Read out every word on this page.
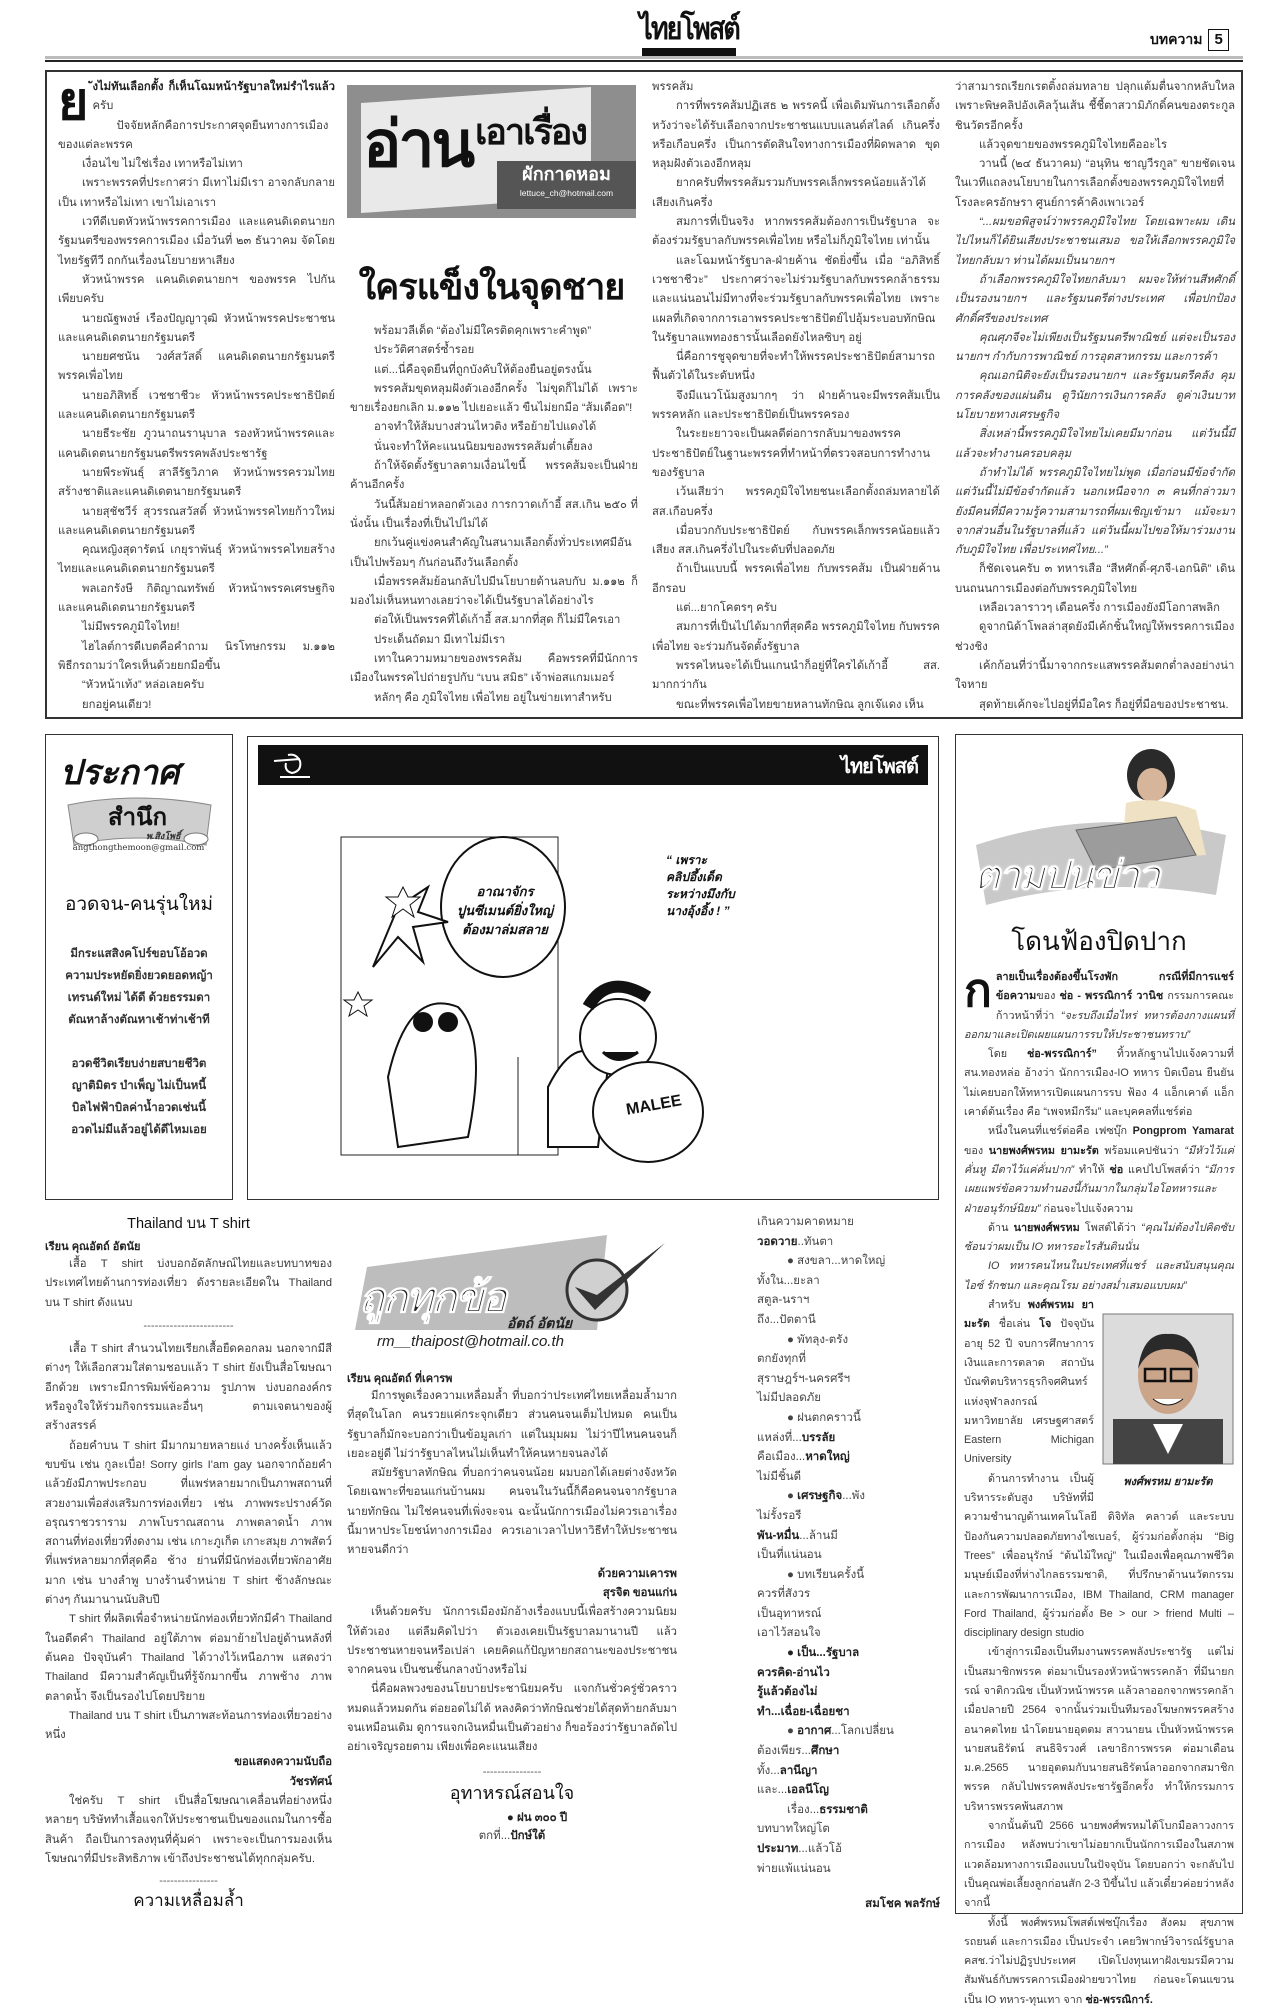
ไทยโพสต์	บทความ 5
ย ังไม่ทันเลือกตั้ง ก็เห็นโฉมหน้ารัฐบาลใหม่รำไรแล้วครับ

ปัจจัยหลักคือการประกาศจุดยืนทางการเมืองของแต่ละพรรค

เงื่อนไข ไม่ใช่เรื่อง เทาหรือไม่เทา

เพราะพรรคที่ประกาศว่า มีเทาไม่มีเรา อาจกลับกลายเป็น เทาหรือไม่เทา เขาไม่เอาเรา

เวทีดีเบตหัวหน้าพรรคการเมือง และแคนดิเดตนายกรัฐมนตรีของพรรคการเมือง เมื่อวันที่ ๒๓ ธันวาคม จัดโดยไทยรัฐทีวี ถกกันเรื่องนโยบายหาเสียง

หัวหน้าพรรค แคนดิเดตนายกฯ ของพรรค ไปกันเพียบครับ

นายณัฐพงษ์ เรืองปัญญาวุฒิ หัวหน้าพรรคประชาชน และแคนดิเดตนายกรัฐมนตรี

นายยศชนัน วงศ์สวัสดิ์ แคนดิเดตนายกรัฐมนตรี พรรคเพื่อไทย

นายอภิสิทธิ์ เวชชาชีวะ หัวหน้าพรรคประชาธิปัตย์ และแคนดิเดตนายกรัฐมนตรี

นายธีระชัย ภูวนาถนรานุบาล รองหัวหน้าพรรคและแคนดิเดตนายกรัฐมนตรีพรรคพลังประชารัฐ

นายพีระพันธุ์ สาลีรัฐวิภาค หัวหน้าพรรครวมไทยสร้างชาติและแคนดิเดตนายกรัฐมนตรี

นายสุชัชวีร์ สุวรรณสวัสดิ์ หัวหน้าพรรคไทยก้าวใหม่ และแคนดิเดตนายกรัฐมนตรี

คุณหญิงสุดารัตน์ เกยุราพันธุ์ หัวหน้าพรรคไทยสร้างไทยและแคนดิเดตนายกรัฐมนตรี

พลเอกรังษี กิติญาณทรัพย์ หัวหน้าพรรคเศรษฐกิจ และแคนดิเดตนายกรัฐมนตรี

ไม่มีพรรคภูมิใจไทย!

ไฮไลต์การดีเบตคือคำถาม นิรโทษกรรม ม.๑๑๒ พิธีกรถามว่าใครเห็นด้วยยกมือขึ้น

“หัวหน้าเท้ง” หล่อเลยครับ

ยกอยู่คนเดียว!

อ่าน เอาเรื่อง
ผักกาดหอม
lettuce_ch@hotmail.com
ใครแข็งในจุดชาย

พร้อมวลีเด็ด “ต้องไม่มีใครติดคุกเพราะคำพูด”

ประวัติศาสตร์ซ้ำรอย

แต่...นี่คือจุดยืนที่ถูกบังคับให้ต้องยืนอยู่ตรงนั้น

พรรคส้มขุดหลุมฝังตัวเองอีกครั้ง ไม่ขุดก็ไม่ได้ เพราะขายเรื่องยกเลิก ม.๑๑๒ ไปเยอะแล้ว ขืนไม่ยกมือ “ส้มเดือด”!

อาจทำให้ส้มบางส่วนไหวติง หรือย้ายไปแดงได้

นั่นจะทำให้คะแนนนิยมของพรรคส้มต่ำเตี้ยลง

ถ้าให้จัดตั้งรัฐบาลตามเงื่อนไขนี้ พรรคส้มจะเป็นฝ่ายค้านอีกครั้ง

วันนี้ส้มอย่าหลอกตัวเอง การกวาดเก้าอี้ สส.เกิน ๒๕๐ ที่นั่งนั้น เป็นเรื่องที่เป็นไปไม่ได้

ยกเว้นคู่แข่งคนสำคัญในสนามเลือกตั้งทั่วประเทศมีอันเป็นไปพร้อมๆ กันก่อนถึงวันเลือกตั้ง

เมื่อพรรคส้มย้อนกลับไปมีนโยบายด้านลบกับ ม.๑๑๒ ก็มองไม่เห็นหนทางเลยว่าจะได้เป็นรัฐบาลได้อย่างไร

ต่อให้เป็นพรรคที่ได้เก้าอี้ สส.มากที่สุด ก็ไม่มีใครเอา

ประเด็นถัดมา มีเทาไม่มีเรา

เทาในความหมายของพรรคส้ม คือพรรคที่มีนักการเมืองในพรรคไปถ่ายรูปกับ “เบน สมิธ” เจ้าพ่อสแกมเมอร์

หลักๆ คือ ภูมิใจไทย เพื่อไทย อยู่ในข่ายเทาสำหรับ

พรรคส้ม

การที่พรรคส้มปฏิเสธ ๒ พรรคนี้ เพื่อเดิมพันการเลือกตั้ง หวังว่าจะได้รับเลือกจากประชาชนแบบแลนด์สไลด์ เกินครึ่ง หรือเกือบครึ่ง เป็นการตัดสินใจทางการเมืองที่ผิดพลาด ขุดหลุมฝังตัวเองอีกหลุม

ยากครับที่พรรคส้มรวมกับพรรคเล็กพรรคน้อยแล้วได้เสียงเกินครึ่ง

สมการที่เป็นจริง หากพรรคส้มต้องการเป็นรัฐบาล จะต้องร่วมรัฐบาลกับพรรคเพื่อไทย หรือไม่ก็ภูมิใจไทย เท่านั้น

และโฉมหน้ารัฐบาล-ฝ่ายค้าน ชัดยิ่งขึ้น เมื่อ “อภิสิทธิ์ เวชชาชีวะ” ประกาศว่าจะไม่ร่วมรัฐบาลกับพรรคกล้าธรรม และแน่นอนไม่มีทางที่จะร่วมรัฐบาลกับพรรคเพื่อไทย เพราะแผลที่เกิดจากการเอาพรรคประชาธิปัตย์ไปอุ้มระบอบทักษิณในรัฐบาลแพทองธารนั้นเลือดยังไหลซิบๆ อยู่

นี่คือการชูจุดขายที่จะทำให้พรรคประชาธิปัตย์สามารถฟื้นตัวได้ในระดับหนึ่ง

จึงมีแนวโน้มสูงมากๆ ว่า ฝ่ายค้านจะมีพรรคส้มเป็นพรรคหลัก และประชาธิปัตย์เป็นพรรครอง

ในระยะยาวจะเป็นผลดีต่อการกลับมาของพรรคประชาธิปัตย์ในฐานะพรรคที่ทำหน้าที่ตรวจสอบการทำงานของรัฐบาล

เว้นเสียว่า พรรคภูมิใจไทยชนะเลือกตั้งถล่มทลายได้ สส.เกือบครึ่ง

เมื่อบวกกับประชาธิปัตย์ กับพรรคเล็กพรรคน้อยแล้วเสียง สส.เกินครึ่งไปในระดับที่ปลอดภัย

ถ้าเป็นแบบนี้ พรรคเพื่อไทย กับพรรคส้ม เป็นฝ่ายค้านอีกรอบ

แต่...ยากโคตรๆ ครับ

สมการที่เป็นไปได้มากที่สุดคือ พรรคภูมิใจไทย กับพรรคเพื่อไทย จะร่วมกันจัดตั้งรัฐบาล

พรรคไหนจะได้เป็นแกนนำก็อยู่ที่ใครได้เก้าอี้ สส. มากกว่ากัน

ขณะที่พรรคเพื่อไทยขายหลานทักษิณ ลูกเจ๊แดง เห็น

ว่าสามารถเรียกเรตติ้งถล่มทลาย ปลุกแต้มตื่นจากหลับใหลเพราะพิษคลิปอังเคิลวุ้นเส้น ชี้ชี้ตาสวามิภักดิ์คนของตระกูลชินวัตรอีกครั้ง

แล้วจุดขายของพรรคภูมิใจไทยคืออะไร

วานนี้ (๒๔ ธันวาคม) “อนุทิน ชาญวีรกูล” ขายชัดเจนในเวทีแถลงนโยบายในการเลือกตั้งของพรรคภูมิใจไทยที่โรงละครอักษรา ศูนย์การค้าคิงเพาเวอร์

“...ผมขอพิสูจน์ว่าพรรคภูมิใจไทย โดยเฉพาะผม เดินไปไหนก็ได้ยินเสียงประชาชนเสมอ ขอให้เลือกพรรคภูมิใจไทยกลับมา ท่านได้ผมเป็นนายกฯ

ถ้าเลือกพรรคภูมิใจไทยกลับมา ผมจะให้ท่านสีหศักดิ์ เป็นรองนายกฯ และรัฐมนตรีต่างประเทศ เพื่อปกป้องศักดิ์ศรีของประเทศ

คุณศุภจีจะไม่เพียงเป็นรัฐมนตรีพาณิชย์ แต่จะเป็นรองนายกฯ กำกับการพาณิชย์ การอุตสาหกรรม และการค้า

คุณเอกนิติจะยังเป็นรองนายกฯ และรัฐมนตรีคลัง คุมการคลังของแผ่นดิน ดูวินัยการเงินการคลัง ดูค่าเงินบาท นโยบายทางเศรษฐกิจ

สิ่งเหล่านี้พรรคภูมิใจไทยไม่เคยมีมาก่อน แต่วันนี้มีแล้วจะทำงานครอบคลุม

ถ้าทำไม่ได้ พรรคภูมิใจไทยไม่พูด เมื่อก่อนมีข้อจำกัด แต่วันนี้ไม่มีข้อจำกัดแล้ว นอกเหนือจาก ๓ คนที่กล่าวมา ยังมีคนที่มีความรู้ความสามารถที่ผมเชิญเข้ามา แม้จะมาจากส่วนอื่นในรัฐบาลที่แล้ว แต่วันนี้ผมไปขอให้มาร่วมงานกับภูมิใจไทย เพื่อประเทศไทย...”

ก็ชัดเจนครับ ๓ ทหารเสือ “สีหศักดิ์-ศุภจี-เอกนิติ” เดินบนถนนการเมืองต่อกับพรรคภูมิใจไทย

เหลือเวลาราวๆ เดือนครึ่ง การเมืองยังมีโอกาสพลิก

ดูจากนิด้าโพลล่าสุดยังมีเค้กชิ้นใหญ่ให้พรรคการเมืองช่วงชิง

เค้กก้อนที่ว่านี้มาจากกระแสพรรคส้มตกต่ำลงอย่างน่าใจหาย

สุดท้ายเค้กจะไปอยู่ที่มือใคร ก็อยู่ที่มือของประชาชน.

ประกาศ
สำนึก
พ.สิงโพธิ์
angthongthemoon@gmail.com
อวดจน-คนรุ่นใหม่
มีกระแสสิงคโปร์ขอบโอ้อวด
ความประหยัดยิ่งยวดยอดหญ้า
เทรนด์ใหม่ ได้ดี ด้วยธรรมดา
ตัณหาล้างตัณหาเช้าท่าเช้าที
อวดชีวิตเรียบง่ายสบายชีวิต
ญาติมิตร บำเพ็ญ ไม่เป็นหนี้
บิลไฟฟ้าบิลค่าน้ำอวดเช่นนี้
อวดไม่มีแล้วอยู่ได้ดีไหมเอย
ไทยโพสต์
อาณาจักร
ปูนซีเมนต์ยิ่งใหญ่
ต้องมาล่มสลาย
“ เพราะ
คลิปอึ้งเด็ด
ระหว่างมึงกับ
นางอุ้งอิ้ง ! ”
MALEE
ตามปนข่าว
โดนฟ้องปิดปาก
ก ลายเป็นเรื่องต้องขึ้นโรงพัก กรณีที่มีการแชร์ข้อความของ ช่อ - พรรณิการ์ วานิช กรรมการคณะก้าวหน้าที่ว่า “จะรบถึงเมื่อไหร่ ทหารต้องกางแผนที่ออกมาและเปิดเผยแผนการรบให้ประชาชนทราบ”

โดย ช่อ-พรรณิการ์” ทิ้วหลักฐานไปแจ้งความที่ สน.ทองหล่อ อ้างว่า นักการเมือง-IO ทหาร บิดเบือน ยืนยันไม่เคยบอกให้ทหารเปิดแผนการรบ ฟ้อง 4 แอ็กเคาต์ แอ็กเคาต์ต้นเรื่อง คือ “เพจหมีกรีม” และบุคคลที่แชร์ต่อ

หนึ่งในคนที่แชร์ต่อคือ เฟซบุ๊ก Pongprom Yamarat ของ นายพงศ์พรหม ยามะรัต พร้อมแคปชันว่า “มีหัวไว้แค่คั่นหู มีตาไว้แค่คั่นปาก” ทำให้ ช่อ แคปไปโพสต์ว่า “มีการเผยแพร่ข้อความทำนองนี้กันมากในกลุ่มไอโอทหารและฝ่ายอนุรักษ์นิยม” ก่อนจะไปแจ้งความ

ด้าน นายพงศ์พรหม โพสต์ได้ว่า “คุณไม่ต้องไปคิดซับซ้อนว่าผมเป็น IO ทหารอะไรสันดินนั่น

IO ทหารคนไหนในประเทศที่แชร์ และสนับสนุนคุณไอซ์ รักชนก และคุณโรม อย่างสม่ำเสมอแบบผม”

พงศ์พรหม ยามะรัต
สำหรับ พงศ์พรหม ยามะรัต ชื่อเล่น โจ ปัจจุบัน อายุ 52 ปี จบการศึกษาการเงินและการตลาด สถาบันบัณฑิตบริหารธุรกิจศศินทร์แห่งจุฬาลงกรณ์มหาวิทยาลัย เศรษฐศาสตร์ Eastern Michigan University

ด้านการทำงาน เป็นผู้บริหารระดับสูง บริษัทที่มีความชำนาญด้านเทคโนโลยี ดิจิทัล คลาวด์ และระบบป้องกันความปลอดภัยทางไซเบอร์, ผู้ร่วมก่อตั้งกลุ่ม “Big Trees” เพื่ออนุรักษ์ “ต้นไม้ใหญ่” ในเมืองเพื่อคุณภาพชีวิตมนุษย์เมืองที่ห่างไกลธรรมชาติ, ที่ปรึกษาด้านนวัตกรรมและการพัฒนาการเมือง, IBM Thailand, CRM manager Ford Thailand, ผู้ร่วมก่อตั้ง Be > our > friend Multi – disciplinary design studio

เข้าสู่การเมืองเป็นทีมงานพรรคพลังประชารัฐ แต่ไม่เป็นสมาชิกพรรค ต่อมาเป็นรองหัวหน้าพรรคกล้า ที่มีนายกรณ์ จาติกวณิช เป็นหัวหน้าพรรค แล้วลาออกจากพรรคกล้าเมื่อปลายปี 2564 จากนั้นร่วมเป็นทีมรองโฆษกพรรคสร้างอนาคตไทย นำโดยนายอุตตม สาวนายน เป็นหัวหน้าพรรค นายสนธิรัตน์ สนธิจิรวงศ์ เลขาธิการพรรค ต่อมาเดือน ม.ค.2565 นายอุตตมกับนายสนธิรัตน์ลาออกจากสมาชิกพรรค กลับไปพรรคพลังประชารัฐอีกครั้ง ทำให้กรรมการบริหารพรรคพ้นสภาพ

จากนั้นต้นปี 2566 นายพงศ์พรหมได้โบกมือลาวงการการเมือง หลังพบว่าเขาไม่อยากเป็นนักการเมืองในสภาพแวดล้อมทางการเมืองแบบในปัจจุบัน โดยบอกว่า จะกลับไปเป็นคุณพ่อเลี้ยงลูกก่อนสัก 2-3 ปีขึ้นไป แล้วเดี๋ยวค่อยว่าหลังจากนี้

ทั้งนี้ พงศ์พรหมโพสต์เฟซบุ๊กเรื่อง สังคม สุขภาพ รถยนต์ และการเมือง เป็นประจำ เคยวิพากษ์วิจารณ์รัฐบาล คสช.ว่าไม่ปฏิรูปประเทศ เปิดโปงทุนเทาฝังเขมรมีความสัมพันธ์กับพรรคการเมืองฝ่ายขวาไทย ก่อนจะโดนแขวนเป็น IO ทหาร-ทุนเทา จาก ช่อ-พรรณิการ์.

Thailand บน T shirt
เรียน คุณอัตถ์ อัตนัย

เสื้อ T shirt บ่งบอกอัตลักษณ์ไทยและบทบาทของประเทศไทยด้านการท่องเที่ยว ดังรายละเอียดใน Thailand บน T shirt ดังแนบ

------------------------

เสื้อ T shirt สำนวนไทยเรียกเสื้อยืดคอกลม นอกจากมีสีต่างๆ ให้เลือกสวมใส่ตามชอบแล้ว T shirt ยังเป็นสื่อโฆษณาอีกด้วย เพราะมีการพิมพ์ข้อความ รูปภาพ บ่งบอกองค์กร หรือจูงใจให้ร่วมกิจกรรมและอื่นๆ ตามเจตนาของผู้สร้างสรรค์

ถ้อยคำบน T shirt มีมากมายหลายแง่ บางครั้งเห็นแล้วขบขัน เช่น กูละเบื่อ! Sorry girls I'am gay นอกจากถ้อยคำแล้วยังมีภาพประกอบ ที่แพร่หลายมากเป็นภาพสถานที่สวยงามเพื่อส่งเสริมการท่องเที่ยว เช่น ภาพพระปรางค์วัดอรุณราชวราราม ภาพโบราณสถาน ภาพตลาดน้ำ ภาพสถานที่ท่องเที่ยวที่งดงาม เช่น เกาะภูเก็ต เกาะสมุย ภาพสัตว์ที่แพร่หลายมากที่สุดคือ ช้าง ย่านที่มีนักท่องเที่ยวพักอาศัยมาก เช่น บางลำพู บางร้านจำหน่าย T shirt ช้างลักษณะต่างๆ กันมานานนับสิบปี

T shirt ที่ผลิตเพื่อจำหน่ายนักท่องเที่ยวทักมีคำ Thailand ในอดีตคำ Thailand อยู่ใต้ภาพ ต่อมาย้ายไปอยู่ด้านหลังที่ต้นคอ ปัจจุบันคำ Thailand ได้วางไว้เหนือภาพ แสดงว่า Thailand มีความสำคัญเป็นที่รู้จักมากขึ้น ภาพช้าง ภาพตลาดน้ำ จึงเป็นรองไปโดยปริยาย

Thailand บน T shirt เป็นภาพสะท้อนการท่องเที่ยวอย่างหนึ่ง

ขอแสดงความนับถือ
วัชรทัศน์
ใช่ครับ T shirt เป็นสื่อโฆษณาเคลื่อนที่อย่างหนึ่ง หลายๆ บริษัททำเสื้อแจกให้ประชาชนเป็นของแถมในการซื้อสินค้า ถือเป็นการลงทุนที่คุ้มค่า เพราะจะเป็นการมองเห็นโฆษณาที่มีประสิทธิภาพ เข้าถึงประชาชนได้ทุกกลุ่มครับ.
----------------
ความเหลื่อมล้ำ
ถูกทุกข้อ
อัตถ์ อัตนัย
rm__thaipost@hotmail.co.th
เรียน คุณอัตถ์ ที่เคารพ

มีการพูดเรื่องความเหลื่อมล้ำ ที่บอกว่าประเทศไทยเหลื่อมล้ำมากที่สุดในโลก คนรวยแค่กระจุกเดียว ส่วนคนจนเต็มไปหมด คนเป็นรัฐบาลก็มักจะบอกว่าเป็นข้อมูลเก่า แต่ในมุมผม ไม่ว่าปีไหนคนจนก็เยอะอยู่ดี ไม่ว่ารัฐบาลไหนไม่เห็นทำให้คนหายจนลงได้

สมัยรัฐบาลทักษิณ ที่บอกว่าคนจนน้อย ผมบอกได้เลยต่างจังหวัด โดยเฉพาะที่ขอนแก่นบ้านผม คนจนในวันนี้ก็คือคนจนจากรัฐบาลนายทักษิณ ไม่ใช่คนจนที่เพิ่งจะจน ฉะนั้นนักการเมืองไม่ควรเอาเรื่องนี้มาหาประโยชน์ทางการเมือง ควรเอาเวลาไปหาวิธีทำให้ประชาชนหายจนดีกว่า

ด้วยความเคารพ
สุรจิต ขอนแก่น

เห็นด้วยครับ นักการเมืองมักอ้างเรื่องแบบนี้เพื่อสร้างความนิยมให้ตัวเอง แต่ลืมคิดไปว่า ตัวเองเคยเป็นรัฐบาลมานานปี แล้วประชาชนหายจนหรือเปล่า เคยคิดแก้ปัญหายกสถานะของประชาชน จากคนจน เป็นชนชั้นกลางบ้างหรือไม่

นี่คือผลพวงของนโยบายประชานิยมครับ แจกกันชั่วครู่ชั่วคราว หมดแล้วหมดกัน ต่อยอดไม่ได้ หลงคิดว่าทักษิณช่วยได้สุดท้ายกลับมาจนเหมือนเดิม ดูการแจกเงินหมื่นเป็นตัวอย่าง ก็ขอร้องว่ารัฐบาลถัดไปอย่าเจริญรอยตาม เพียงเพื่อคะแนนเสียง

----------------
อุทาหรณ์สอนใจ
● ฝน ๓๐๐ ปี
ตกที่...ปักษ์ใต้
เกินความคาดหมาย
วอดวาย..ทันตา
● สงขลา...หาดใหญ่
ทั้งใน...ยะลา
สตูล-นราฯ
ถึง...ปัตตานี
● พัทลุง-ตรัง
ตกยังทุกที่
สุราษฎร์ฯ-นครศรีฯ
ไม่มีปลอดภัย
● ฝนตกคราวนี้
แหล่งที่...บรรลัย
คือเมือง...หาดใหญ่
ไม่มีชิ้นดี
● เศรษฐกิจ...พัง
ไม่รั้งรอรี
พัน-หมื่น...ล้านมี
เป็นที่แน่นอน
● บทเรียนครั้งนี้
ควรที่สังวร
เป็นอุทาหรณ์
เอาไว้สอนใจ
● เป็น...รัฐบาล
ควรคิด-อ่านไว
รู้แล้วต้องไม่
ทำ...เฉื่อย-เฉื่อยชา
● อากาศ...โลกเปลี่ยน
ต้องเพียร...ศึกษา
ทั้ง...ลานีญา
และ...เอลนีโญ
เรื่อง...ธรรมชาติ
บทบาทใหญ่โต
ประมาท...แล้วโอ้
พ่ายแพ้แน่นอน
สมโชค พลรักษ์
